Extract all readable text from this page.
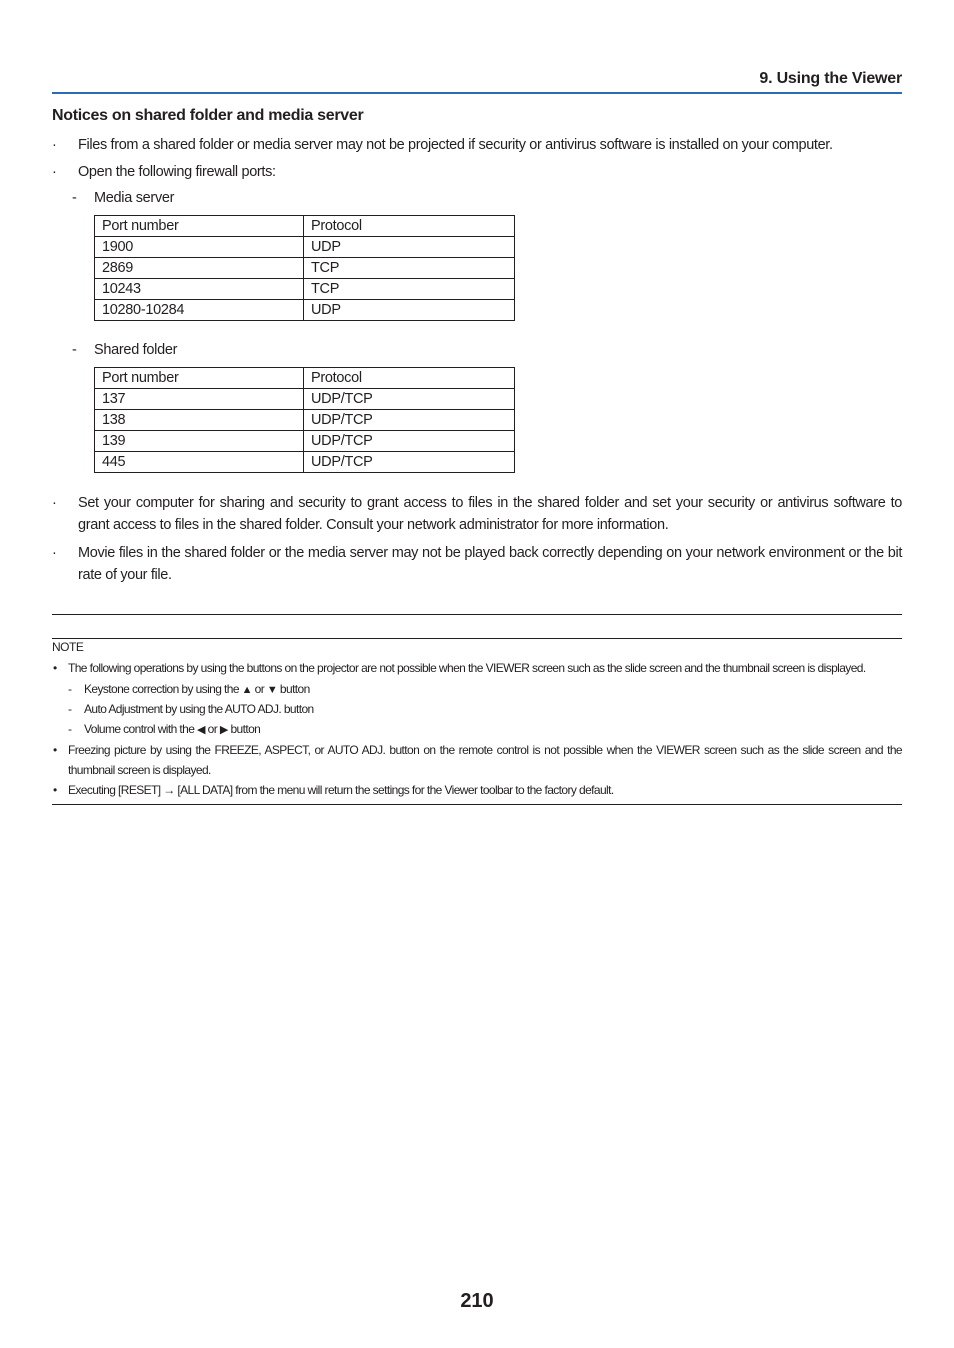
9. Using the Viewer
Notices on shared folder and media server
·	Files from a shared folder or media server may not be projected if security or antivirus software is installed on your computer.
·	Open the following firewall ports:
- Media server
Port number	Protocol
1900	UDP
2869	TCP
10243	TCP
10280-10284	UDP
- Shared folder
Port number	Protocol
137	UDP/TCP
138	UDP/TCP
139	UDP/TCP
445	UDP/TCP
·	Set your computer for sharing and security to grant access to files in the shared folder and set your security or antivirus software to grant access to files in the shared folder. Consult your network administrator for more information.
·	Movie files in the shared folder or the media server may not be played back correctly depending on your network environment or the bit rate of your file.
NOTE
• The following operations by using the buttons on the projector are not possible when the VIEWER screen such as the slide screen and the thumbnail screen is displayed.
- Keystone correction by using the ▲ or ▼ button
- Auto Adjustment by using the AUTO ADJ. button
- Volume control with the ◀ or ▶ button
• Freezing picture by using the FREEZE, ASPECT, or AUTO ADJ. button on the remote control is not possible when the VIEWER screen such as the slide screen and the thumbnail screen is displayed.
• Executing [RESET] → [ALL DATA] from the menu will return the settings for the Viewer toolbar to the factory default.
210
